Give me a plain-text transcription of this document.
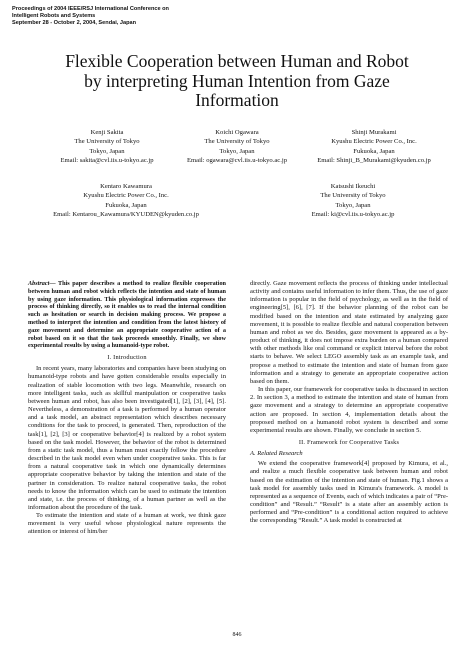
Proceedings of 2004 IEEE/RSJ International Conference on
Intelligent Robots and Systems
September 28 - October 2, 2004, Sendai, Japan
Flexible Cooperation between Human and Robot
by interpreting Human Intention from Gaze
Information
Kenji Sakita
The University of Tokyo
Tokyo, Japan
Email: sakita@cvl.iis.u-tokyo.ac.jp
Koichi Ogawara
The University of Tokyo
Tokyo, Japan
Email: ogawara@cvl.iis.u-tokyo.ac.jp
Shinji Murakami
Kyushu Electric Power Co., Inc.
Fukuoka, Japan
Email: Shinji_B_Murakami@kyuden.co.jp
Kentaro Kawamura
Kyushu Electric Power Co., Inc.
Fukuoka, Japan
Email: Kentarou_Kawamura/KYUDEN@kyuden.co.jp
Katsushi Ikeuchi
The University of Tokyo
Tokyo, Japan
Email: ki@cvl.iis.u-tokyo.ac.jp

Abstract— This paper describes a method to realize flexible cooperation between human and robot which reflects the intention and state of human by using gaze information. This physiological information expresses the process of thinking directly, so it enables us to read the internal condition such as hesitation or search in decision making process. We propose a method to interpret the intention and condition from the latest history of gaze movement and determine an appropriate cooperative action of a robot based on it so that the task proceeds smoothly. Finally, we show experimental results by using a humanoid-type robot.

I. Introduction

In recent years, many laboratories and companies have been studying on humanoid-type robots and have gotten considerable results especially in realization of stable locomotion with two legs. Meanwhile, research on more intelligent tasks, such as skillful manipulation or cooperative tasks between human and robot, has also been investigated[1], [2], [3], [4], [5]. Nevertheless, a demonstration of a task is performed by a human operator and a task model, an abstract representation which describes necessary conditions for the task to proceed, is generated. Then, reproduction of the task[1], [2], [3] or cooperative behavior[4] is realized by a robot system based on the task model. However, the behavior of the robot is determined from a static task model, thus a human must exactly follow the procedure described in the task model even when under cooperative tasks. This is far from a natural cooperative task in which one dynamically determines appropriate cooperative behavior by taking the intention and state of the partner in consideration. To realize natural cooperative tasks, the robot needs to know the information which can be used to estimate the intention and state, i.e. the process of thinking, of a human partner as well as the information about the procedure of the task.

To estimate the intention and state of a human at work, we think gaze movement is very useful whose physiological nature represents the attention or interest of him/her

directly. Gaze movement reflects the process of thinking under intellectual activity and contains useful information to infer them. Thus, the use of gaze information is popular in the field of psychology, as well as in the field of engineering[5], [6], [7]. If the behavior planning of the robot can be modified based on the intention and state estimated by analyzing gaze movement, it is possible to realize flexible and natural cooperation between human and robot as we do. Besides, gaze movement is appeared as a by-product of thinking, it does not impose extra burden on a human compared with other methods like oral command or explicit interval before the robot starts to behave. We select LEGO assembly task as an example task, and propose a method to estimate the intention and state of human from gaze information and a strategy to generate an appropriate cooperative action based on them.

In this paper, our framework for cooperative tasks is discussed in section 2. In section 3, a method to estimate the intention and state of human from gaze movement and a strategy to determine an appropriate cooperative action are proposed. In section 4, implementation details about the proposed method on a humanoid robot system is described and some experimental results are shown. Finally, we conclude in section 5.

II. Framework for Cooperative Tasks
A. Related Research

We extend the cooperative framework[4] proposed by Kimura, et al., and realize a much flexible cooperative task between human and robot based on the estimation of the intention and state of human. Fig.1 shows a task model for assembly tasks used in Kimura's framework. A model is represented as a sequence of Events, each of which indicates a pair of “Pre-condition” and “Result.” “Result” is a state after an assembly action is performed and “Pre-condition” is a conditional action required to achieve the corresponding “Result.” A task model is constructed at

846
